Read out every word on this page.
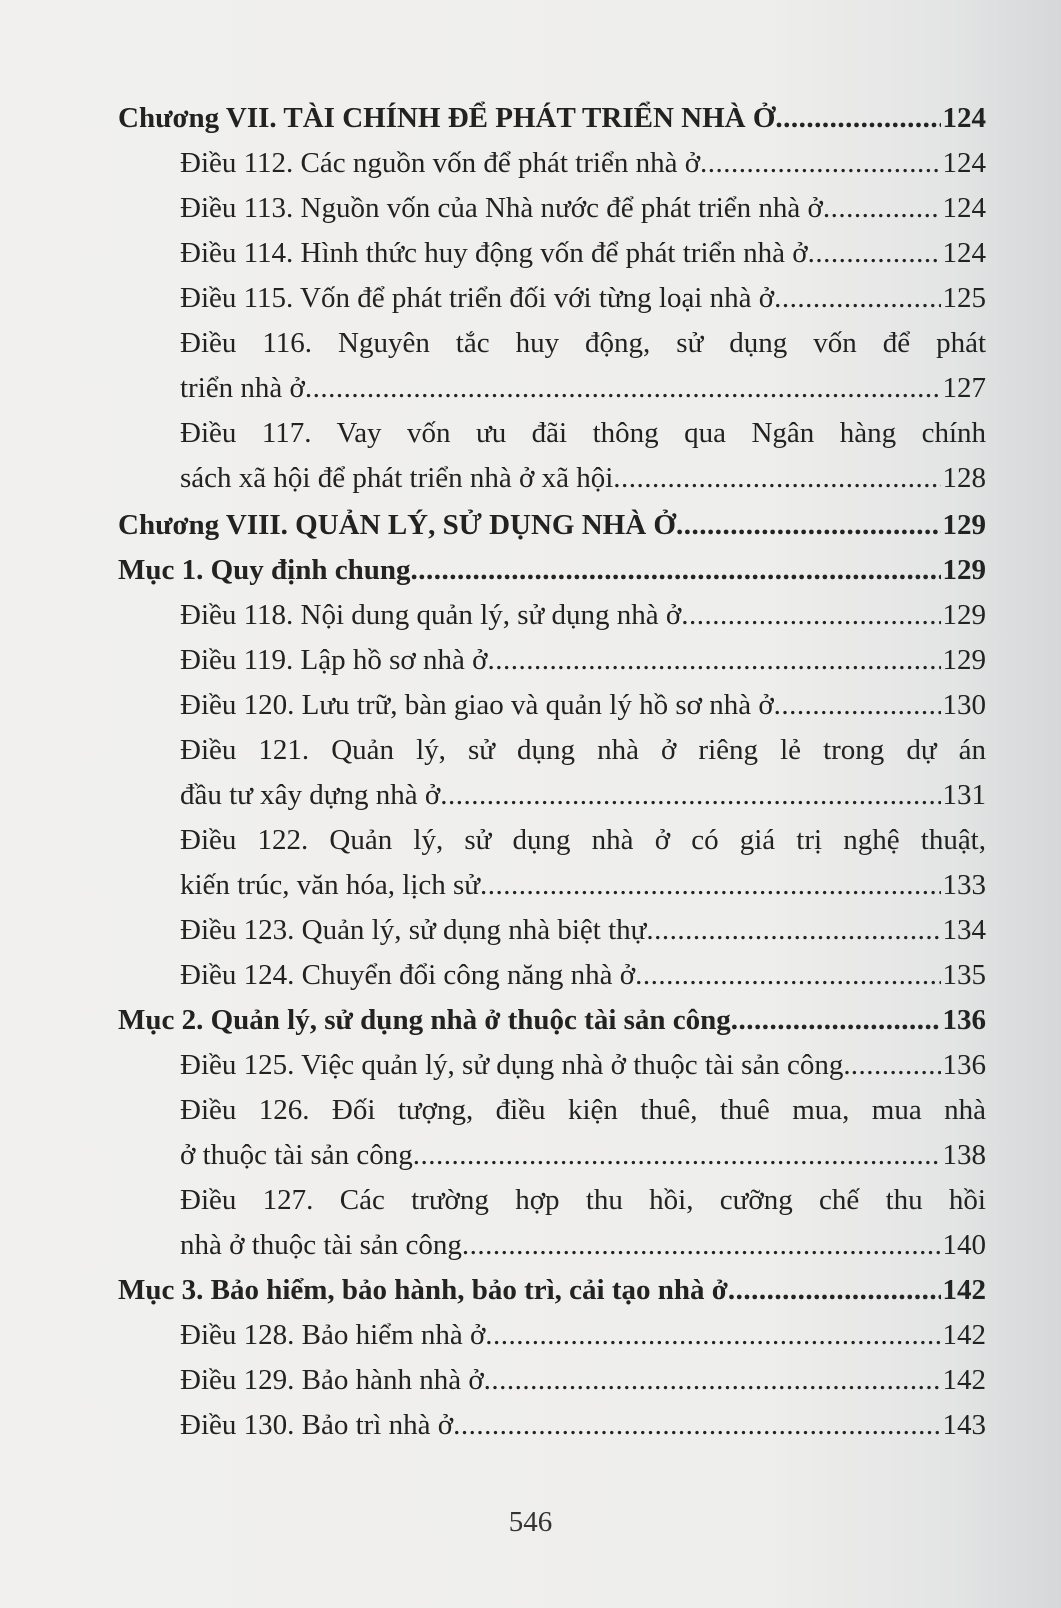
Chương VII. TÀI CHÍNH ĐỂ PHÁT TRIỂN NHÀ Ở .....	124
Điều 112. Các nguồn vốn để phát triển nhà ở .....	124
Điều 113. Nguồn vốn của Nhà nước để phát triển nhà ở .....	124
Điều 114. Hình thức huy động vốn để phát triển nhà ở .....	124
Điều 115. Vốn để phát triển đối với từng loại nhà ở .....	125
Điều 116. Nguyên tắc huy động, sử dụng vốn để phát
triển nhà ở .....	127
Điều 117. Vay vốn ưu đãi thông qua Ngân hàng chính
sách xã hội để phát triển nhà ở xã hội .....	128
Chương VIII. QUẢN LÝ, SỬ DỤNG NHÀ Ở .....	129
Mục 1. Quy định chung .....	129
Điều 118. Nội dung quản lý, sử dụng nhà ở .....	129
Điều 119. Lập hồ sơ nhà ở .....	129
Điều 120. Lưu trữ, bàn giao và quản lý hồ sơ nhà ở .....	130
Điều 121. Quản lý, sử dụng nhà ở riêng lẻ trong dự án
đầu tư xây dựng nhà ở .....	131
Điều 122. Quản lý, sử dụng nhà ở có giá trị nghệ thuật,
kiến trúc, văn hóa, lịch sử .....	133
Điều 123. Quản lý, sử dụng nhà biệt thự .....	134
Điều 124. Chuyển đổi công năng nhà ở .....	135
Mục 2. Quản lý, sử dụng nhà ở thuộc tài sản công .....	136
Điều 125. Việc quản lý, sử dụng nhà ở thuộc tài sản công. .....	136
Điều 126. Đối tượng, điều kiện thuê, thuê mua, mua nhà
ở thuộc tài sản công .....	138
Điều 127. Các trường hợp thu hồi, cưỡng chế thu hồi
nhà ở thuộc tài sản công .....	140
Mục 3. Bảo hiểm, bảo hành, bảo trì, cải tạo nhà ở .....	142
Điều 128. Bảo hiểm nhà ở .....	142
Điều 129. Bảo hành nhà ở .....	142
Điều 130. Bảo trì nhà ở .....	143
546
